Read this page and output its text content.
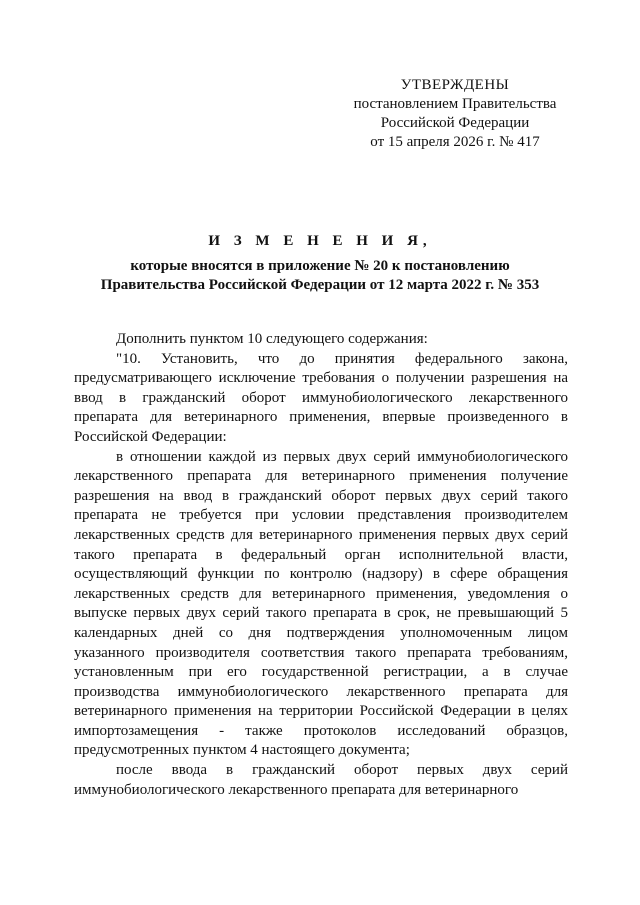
УТВЕРЖДЕНЫ
постановлением Правительства
Российской Федерации
от 15 апреля 2026 г. № 417
И З М Е Н Е Н И Я,
которые вносятся в приложение № 20 к постановлению
Правительства Российской Федерации от 12 марта 2022 г. № 353

Дополнить пунктом 10 следующего содержания:

"10. Установить, что до принятия федерального закона, предусматривающего исключение требования о получении разрешения на ввод в гражданский оборот иммунобиологического лекарственного препарата для ветеринарного применения, впервые произведенного в Российской Федерации:

в отношении каждой из первых двух серий иммунобиологического лекарственного препарата для ветеринарного применения получение разрешения на ввод в гражданский оборот первых двух серий такого препарата не требуется при условии представления производителем лекарственных средств для ветеринарного применения первых двух серий такого препарата в федеральный орган исполнительной власти, осуществляющий функции по контролю (надзору) в сфере обращения лекарственных средств для ветеринарного применения, уведомления о выпуске первых двух серий такого препарата в срок, не превышающий 5 календарных дней со дня подтверждения уполномоченным лицом указанного производителя соответствия такого препарата требованиям, установленным при его государственной регистрации, а в случае производства иммунобиологического лекарственного препарата для ветеринарного применения на территории Российской Федерации в целях импортозамещения - также протоколов исследований образцов, предусмотренных пунктом 4 настоящего документа;

после ввода в гражданский оборот первых двух серий иммунобиологического лекарственного препарата для ветеринарного
